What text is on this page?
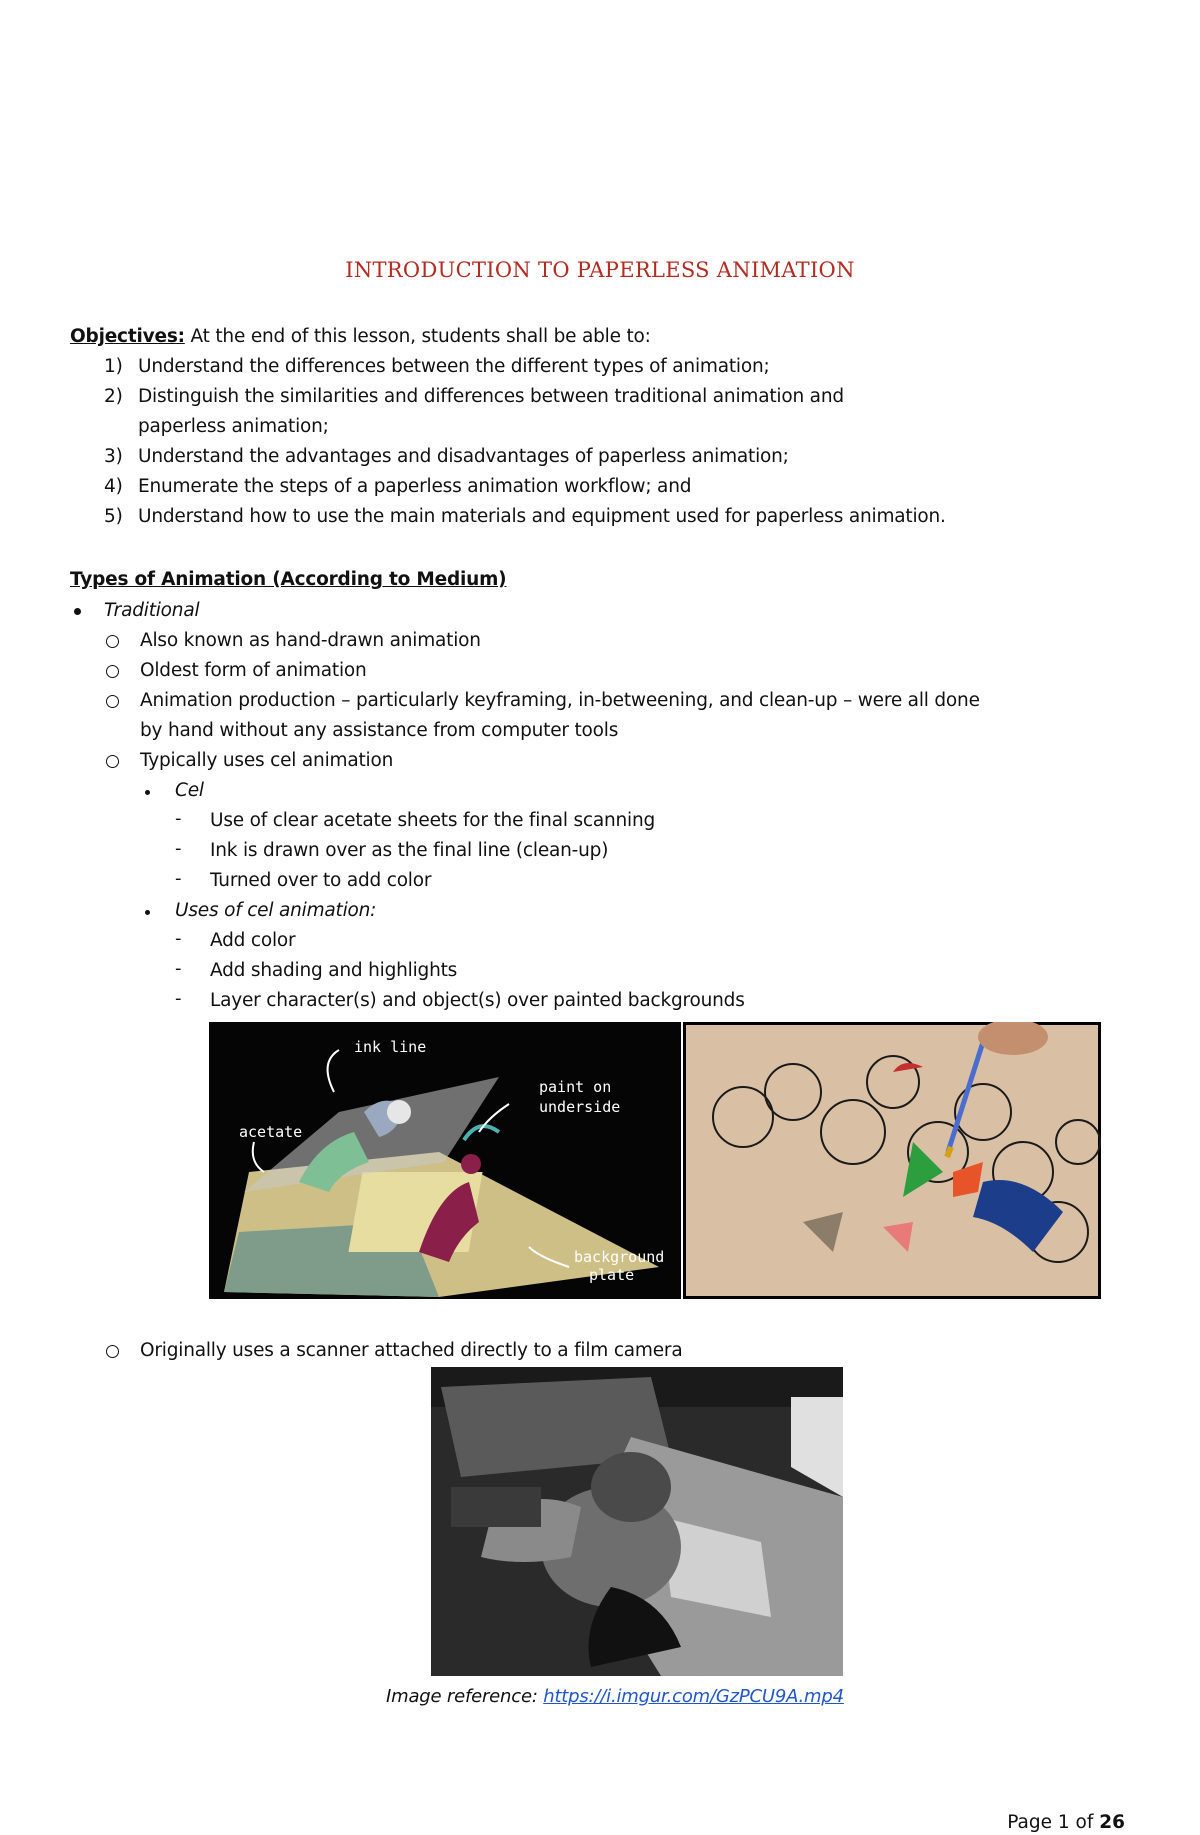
INTRODUCTION TO PAPERLESS ANIMATION
Objectives: At the end of this lesson, students shall be able to:
1) Understand the differences between the different types of animation;
2) Distinguish the similarities and differences between traditional animation and
paperless animation;
3) Understand the advantages and disadvantages of paperless animation;
4) Enumerate the steps of a paperless animation workflow; and
5) Understand how to use the main materials and equipment used for paperless animation.
Types of Animation (According to Medium)
Traditional
Also known as hand-drawn animation
Oldest form of animation
Animation production – particularly keyframing, in-betweening, and clean-up – were all done
by hand without any assistance from computer tools
Typically uses cel animation
Cel
- Use of clear acetate sheets for the final scanning
- Ink is drawn over as the final line (clean-up)
- Turned over to add color
Uses of cel animation:
- Add color
- Add shading and highlights
- Layer character(s) and object(s) over painted backgrounds
ink line
paint on
underside
acetate
background
plate
Originally uses a scanner attached directly to a film camera
Image reference: https://i.imgur.com/GzPCU9A.mp4
Page 1 of 26
